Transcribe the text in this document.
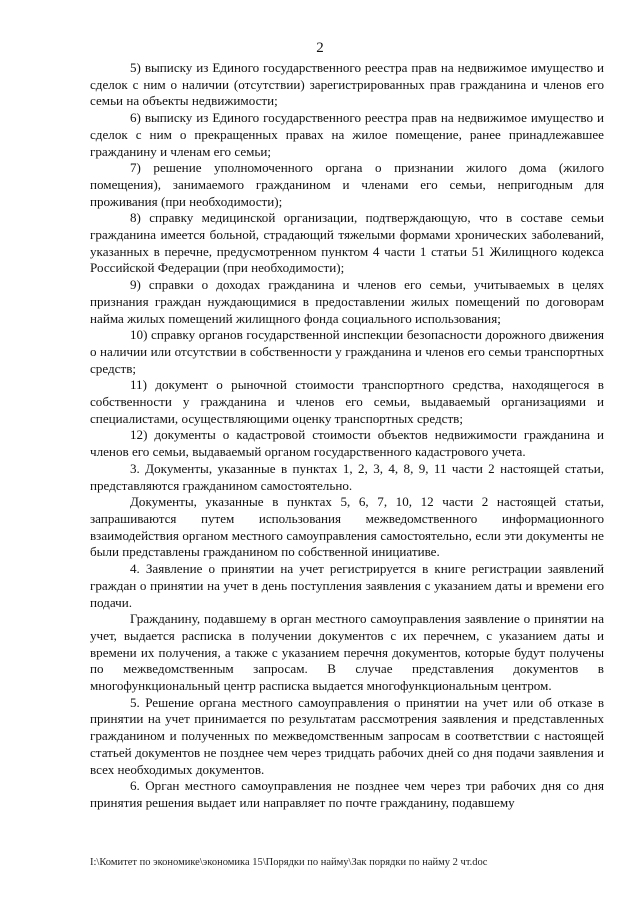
2

5) выписку из Единого государственного реестра прав на недвижимое имущество и сделок с ним о наличии (отсутствии) зарегистрированных прав гражданина и членов его семьи на объекты недвижимости;

6) выписку из Единого государственного реестра прав на недвижимое имущество и сделок с ним о прекращенных правах на жилое помещение, ранее принадлежавшее гражданину и членам его семьи;

7) решение уполномоченного органа о признании жилого дома (жилого помещения), занимаемого гражданином и членами его семьи, непригодным для проживания (при необходимости);

8) справку медицинской организации, подтверждающую, что в составе семьи гражданина имеется больной, страдающий тяжелыми формами хронических заболеваний, указанных в перечне, предусмотренном пунктом 4 части 1 статьи 51 Жилищного кодекса Российской Федерации (при необходимости);

9) справки о доходах гражданина и членов его семьи, учитываемых в целях признания граждан нуждающимися в предоставлении жилых помещений по договорам найма жилых помещений жилищного фонда социального использования;

10) справку органов государственной инспекции безопасности дорожного движения о наличии или отсутствии в собственности у гражданина и членов его семьи транспортных средств;

11) документ о рыночной стоимости транспортного средства, находящегося в собственности у гражданина и членов его семьи, выдаваемый организациями и специалистами, осуществляющими оценку транспортных средств;

12) документы о кадастровой стоимости объектов недвижимости гражданина и членов его семьи, выдаваемый органом государственного кадастрового учета.

3. Документы, указанные в пунктах 1, 2, 3, 4, 8, 9, 11 части 2 настоящей статьи, представляются гражданином самостоятельно.

Документы, указанные в пунктах 5, 6, 7, 10, 12 части 2 настоящей статьи, запрашиваются путем использования межведомственного информационного взаимодействия органом местного самоуправления самостоятельно, если эти документы не были представлены гражданином по собственной инициативе.

4. Заявление о принятии на учет регистрируется в книге регистрации заявлений граждан о принятии на учет в день поступления заявления с указанием даты и времени его подачи.

Гражданину, подавшему в орган местного самоуправления заявление о принятии на учет, выдается расписка в получении документов с их перечнем, с указанием даты и времени их получения, а также с указанием перечня документов, которые будут получены по межведомственным запросам. В случае представления документов в многофункциональный центр расписка выдается многофункциональным центром.

5. Решение органа местного самоуправления о принятии на учет или об отказе в принятии на учет принимается по результатам рассмотрения заявления и представленных гражданином и полученных по межведомственным запросам в соответствии с настоящей статьей документов не позднее чем через тридцать рабочих дней со дня подачи заявления и всех необходимых документов.

6. Орган местного самоуправления не позднее чем через три рабочих дня со дня принятия решения выдает или направляет по почте гражданину, подавшему

I:\Комитет по экономике\экономика 15\Порядки по найму\Зак порядки по найму 2 чт.doc
